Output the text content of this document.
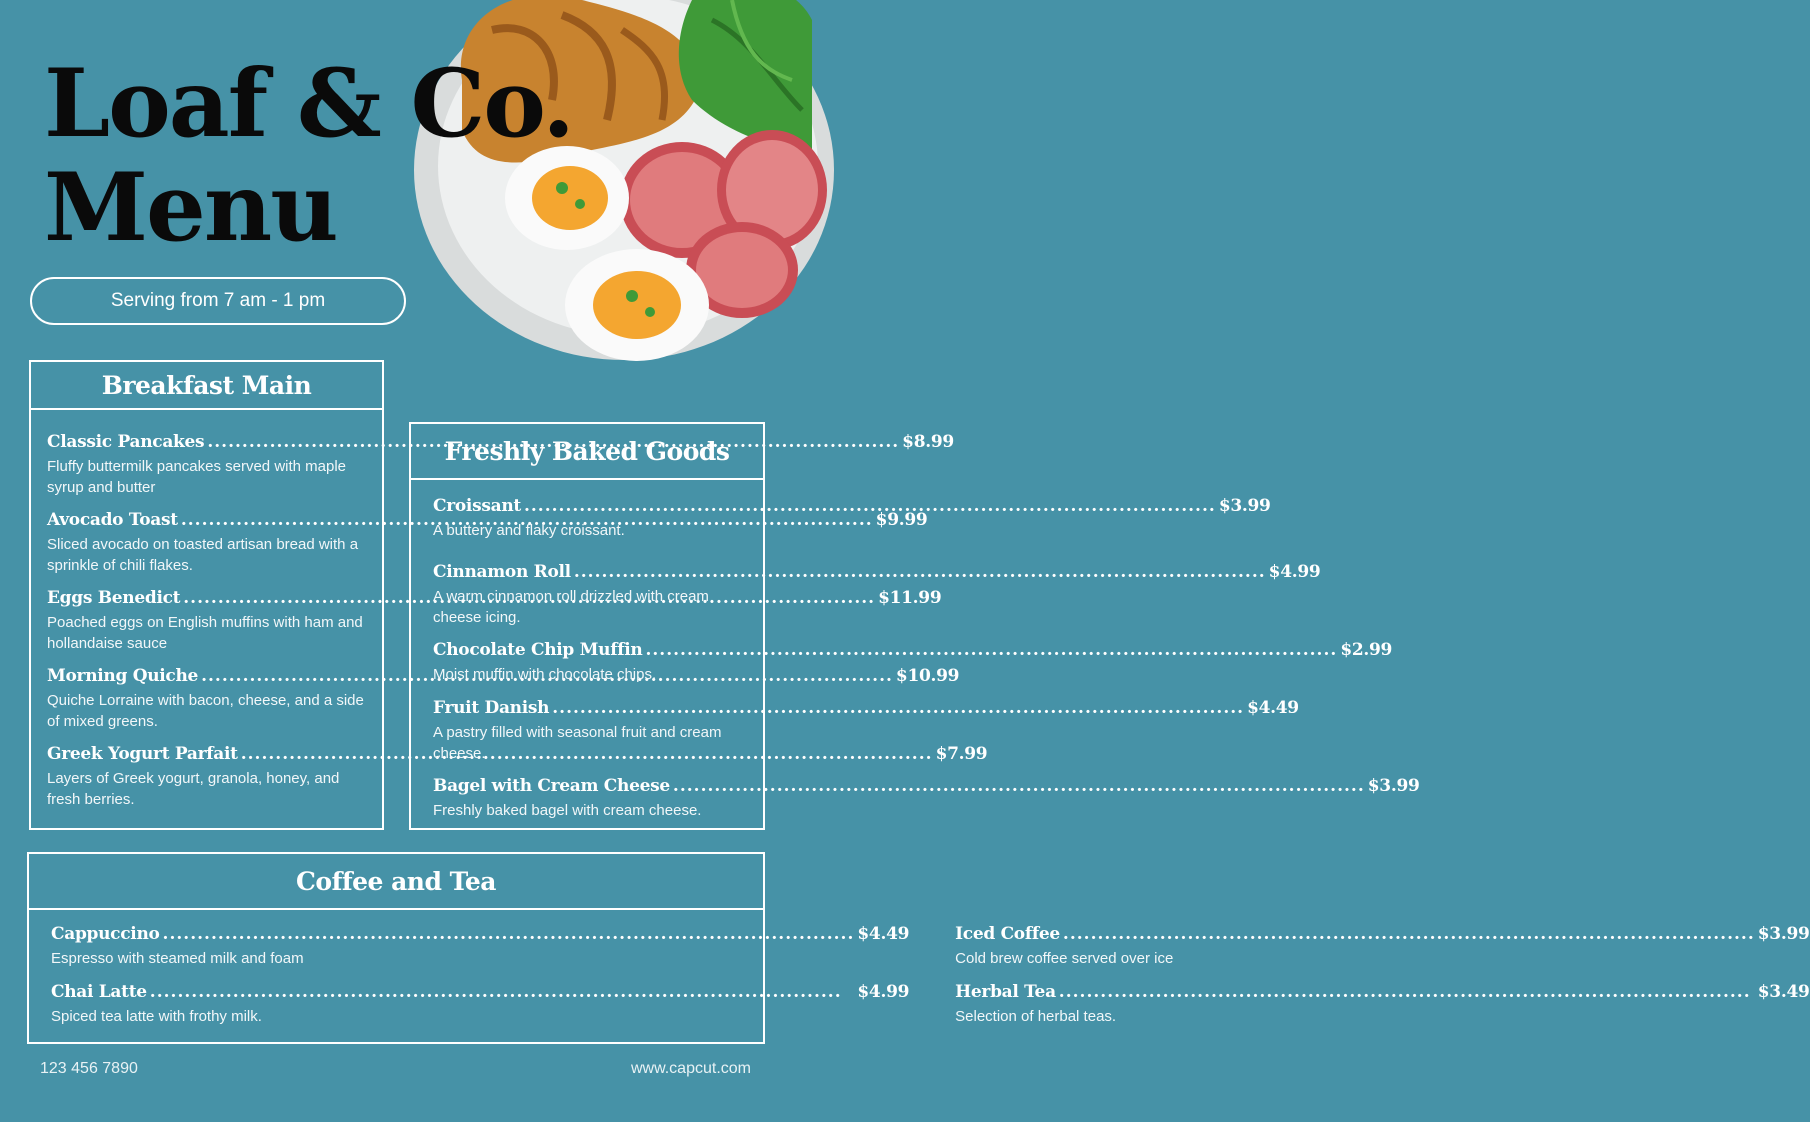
Loaf & Co.
Menu
Serving from 7 am - 1 pm
Breakfast Main
Classic Pancakes .....	$8.99
Fluffy buttermilk pancakes served with maple syrup and butter
Avocado Toast .....	$9.99
Sliced avocado on toasted artisan bread with a sprinkle of chili flakes.
Eggs Benedict .....	$11.99
Poached eggs on English muffins with ham and hollandaise sauce
Morning Quiche .....	$10.99
Quiche Lorraine with bacon, cheese, and a side of mixed greens.
Greek Yogurt Parfait .....	$7.99
Layers of Greek yogurt, granola, honey, and fresh berries.
Freshly Baked Goods
Croissant .....	$3.99
A buttery and flaky croissant.
Cinnamon Roll .....	$4.99
A warm cinnamon roll drizzled with cream cheese icing.
Chocolate Chip Muffin .....	$2.99
Moist muffin with chocolate chips.
Fruit Danish .....	$4.49
A pastry filled with seasonal fruit and cream cheese.
Bagel with Cream Cheese .....	$3.99
Freshly baked bagel with cream cheese.
Coffee and Tea
Cappuccino .....	$4.49
Espresso with steamed milk and foam
Chai Latte .....	$4.99
Spiced tea latte with frothy milk.
Iced Coffee .....	$3.99
Cold brew coffee served over ice
Herbal Tea .....	$3.49
Selection of herbal teas.
123 456 7890	www.capcut.com
